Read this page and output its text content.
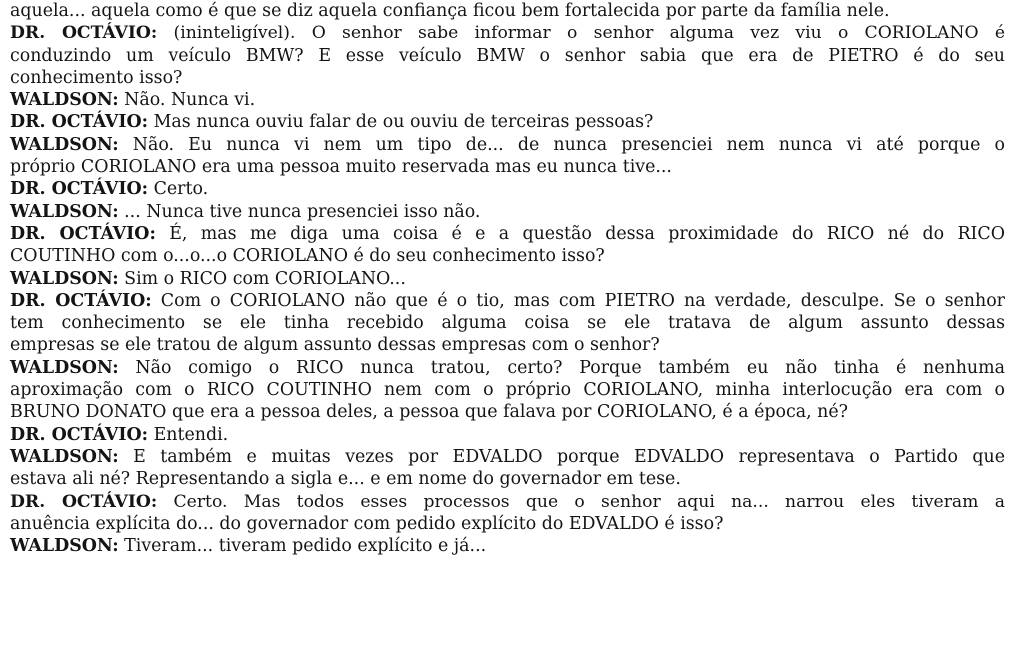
aquela... aquela como é que se diz aquela confiança ficou bem fortalecida por parte da família nele.
DR. OCTÁVIO: (ininteligível). O senhor sabe informar o senhor alguma vez viu o CORIOLANO é
conduzindo um veículo BMW? E esse veículo BMW o senhor sabia que era de PIETRO é do seu
conhecimento isso?
WALDSON: Não. Nunca vi.
DR. OCTÁVIO: Mas nunca ouviu falar de ou ouviu de terceiras pessoas?
WALDSON: Não. Eu nunca vi nem um tipo de... de nunca presenciei nem nunca vi até porque o
próprio CORIOLANO era uma pessoa muito reservada mas eu nunca tive...
DR. OCTÁVIO: Certo.
WALDSON: ... Nunca tive nunca presenciei isso não.
DR. OCTÁVIO: É, mas me diga uma coisa é e a questão dessa proximidade do RICO né do RICO
COUTINHO com o...o...o CORIOLANO é do seu conhecimento isso?
WALDSON: Sim o RICO com CORIOLANO...
DR. OCTÁVIO: Com o CORIOLANO não que é o tio, mas com PIETRO na verdade, desculpe. Se o senhor
tem conhecimento se ele tinha recebido alguma coisa se ele tratava de algum assunto dessas
empresas se ele tratou de algum assunto dessas empresas com o senhor?
WALDSON: Não comigo o RICO nunca tratou, certo? Porque também eu não tinha é nenhuma
aproximação com o RICO COUTINHO nem com o próprio CORIOLANO, minha interlocução era com o
BRUNO DONATO que era a pessoa deles, a pessoa que falava por CORIOLANO, é a época, né?
DR. OCTÁVIO: Entendi.
WALDSON: E também e muitas vezes por EDVALDO porque EDVALDO representava o Partido que
estava ali né? Representando a sigla e... e em nome do governador em tese.
DR. OCTÁVIO: Certo. Mas todos esses processos que o senhor aqui na... narrou eles tiveram a
anuência explícita do... do governador com pedido explícito do EDVALDO é isso?
WALDSON: Tiveram... tiveram pedido explícito e já...
